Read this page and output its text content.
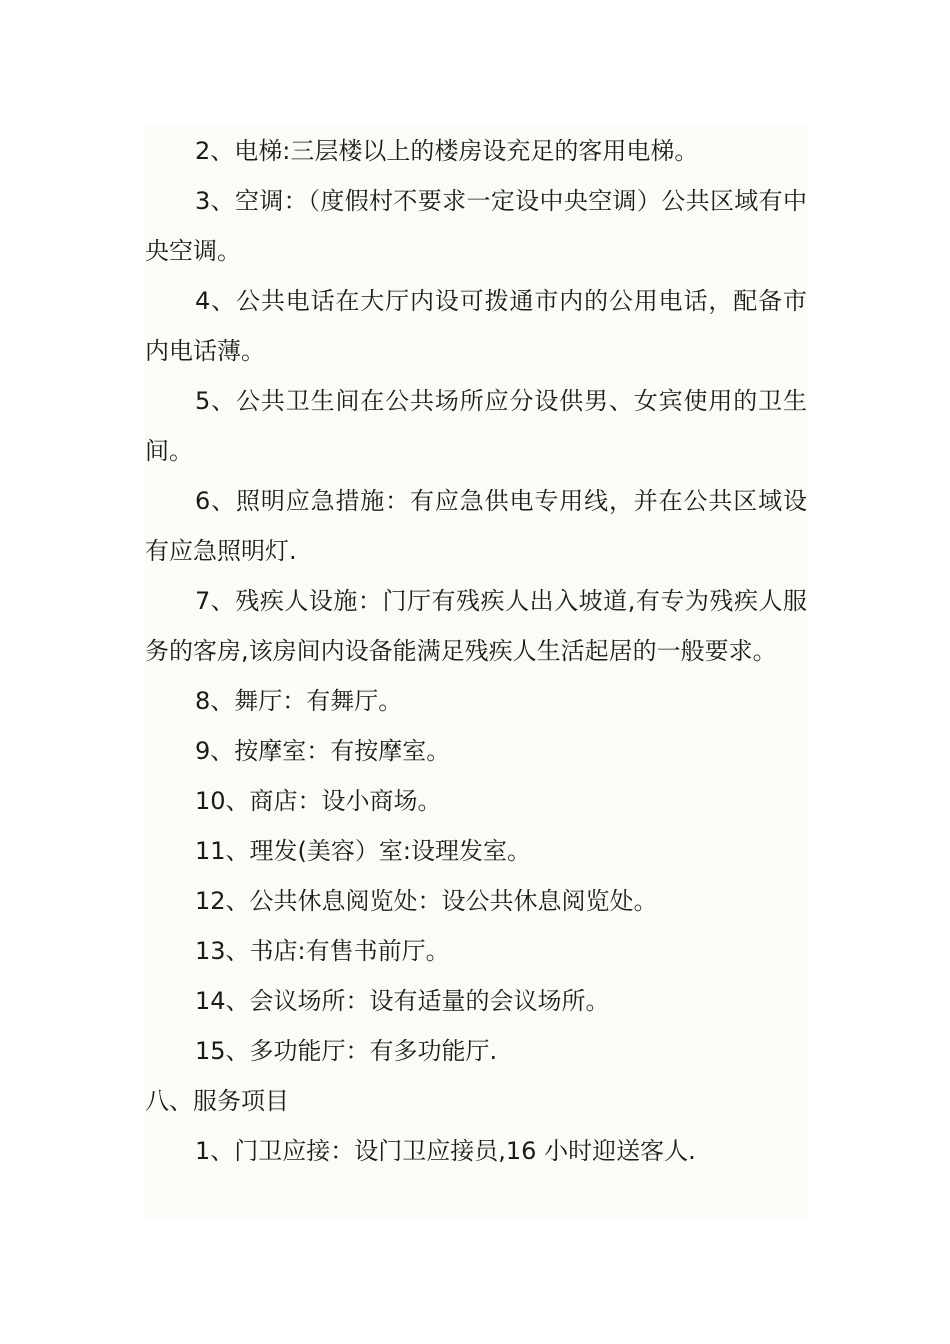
2、电梯:三层楼以上的楼房设充足的客用电梯。

3、空调：（度假村不要求一定设中央空调）公共区域有中央空调。

4、公共电话在大厅内设可拨通市内的公用电话，配备市内电话薄。

5、公共卫生间在公共场所应分设供男、女宾使用的卫生间。

6、照明应急措施：有应急供电专用线，并在公共区域设有应急照明灯.

7、残疾人设施：门厅有残疾人出入坡道,有专为残疾人服务的客房,该房间内设备能满足残疾人生活起居的一般要求。

8、舞厅：有舞厅。

9、按摩室：有按摩室。

10、商店：设小商场。

11、理发(美容）室:设理发室。

12、公共休息阅览处：设公共休息阅览处。

13、书店:有售书前厅。

14、会议场所：设有适量的会议场所。

15、多功能厅：有多功能厅.

八、服务项目

1、门卫应接：设门卫应接员,16 小时迎送客人.
